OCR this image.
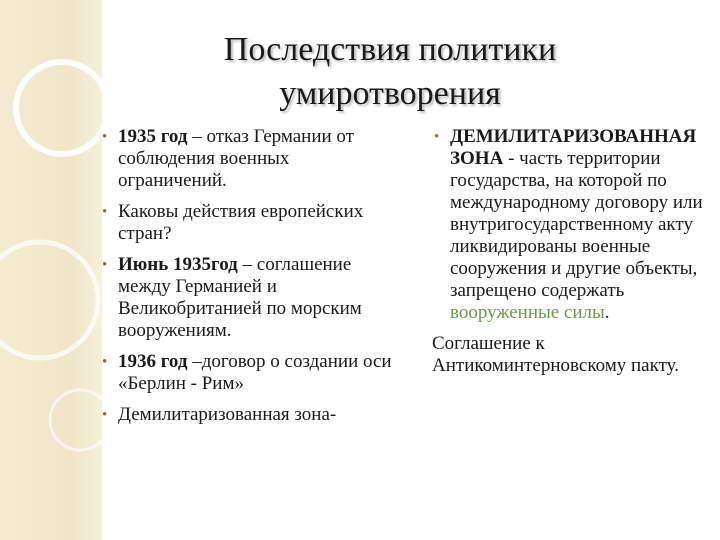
Последствия политики
умиротворения
• 1935 год – отказ Германии от соблюдения военных ограничений.
• Каковы действия европейских стран?
• Июнь 1935год – соглашение между Германией и Великобританией по морским вооружениям.
• 1936 год –договор о создании оси «Берлин - Рим»
• Демилитаризованная зона-
• ДЕМИЛИТАРИЗОВАННАЯ ЗОНА - часть территории государства, на которой по международному договору или внутригосударственному акту ликвидированы военные сооружения и другие объекты, запрещено содержать вооруженные силы.

Соглашение к Антикоминтерновскому пакту.
